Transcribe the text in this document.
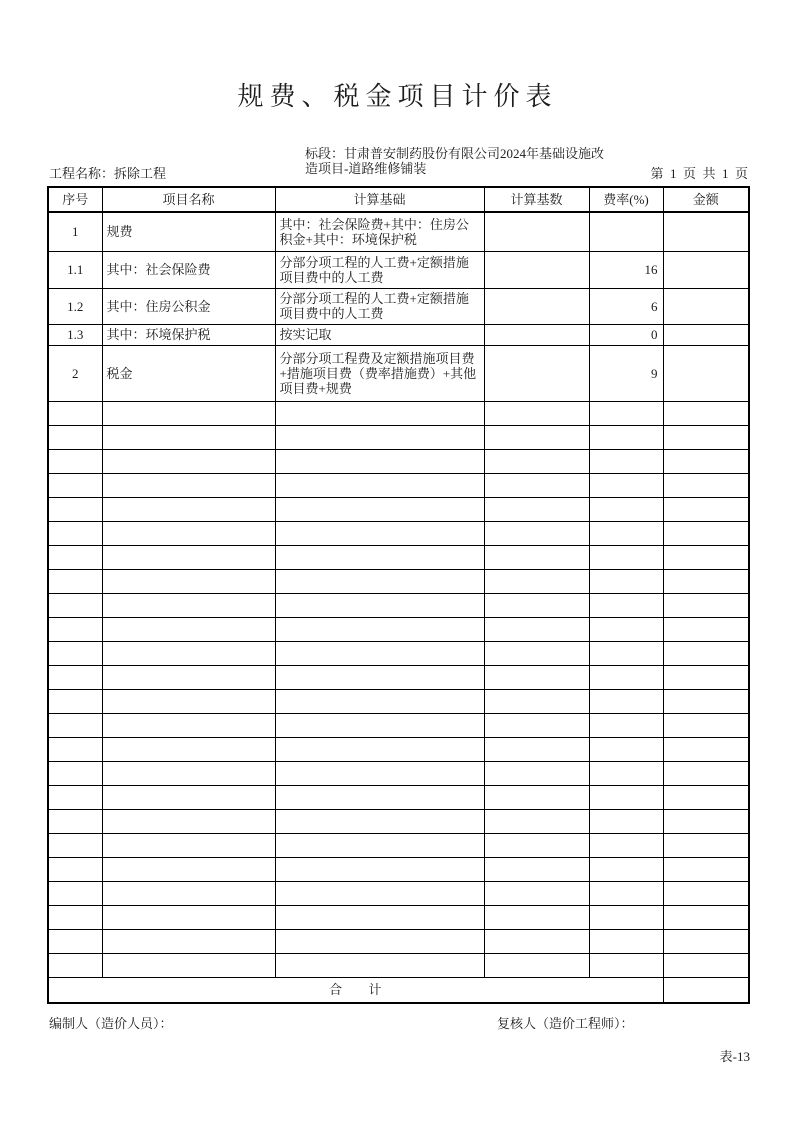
规费、税金项目计价表
工程名称：拆除工程
标段：甘肃普安制药股份有限公司2024年基础设施改造项目-道路维修铺装	第  1  页  共  1  页
序号	项目名称	计算基础	计算基数	费率(%)	金额
1	规费	其中：社会保险费+其中：住房公积金+其中：环境保护税			
1.1	其中：社会保险费	分部分项工程的人工费+定额措施项目费中的人工费		16	
1.2	其中：住房公积金	分部分项工程的人工费+定额措施项目费中的人工费		6	
1.3	其中：环境保护税	按实记取		0	
2	税金	分部分项工程费及定额措施项目费+措施项目费（费率措施费）+其他项目费+规费		9	

合      计					
编制人（造价人员）：	复核人（造价工程师）：
表-13
